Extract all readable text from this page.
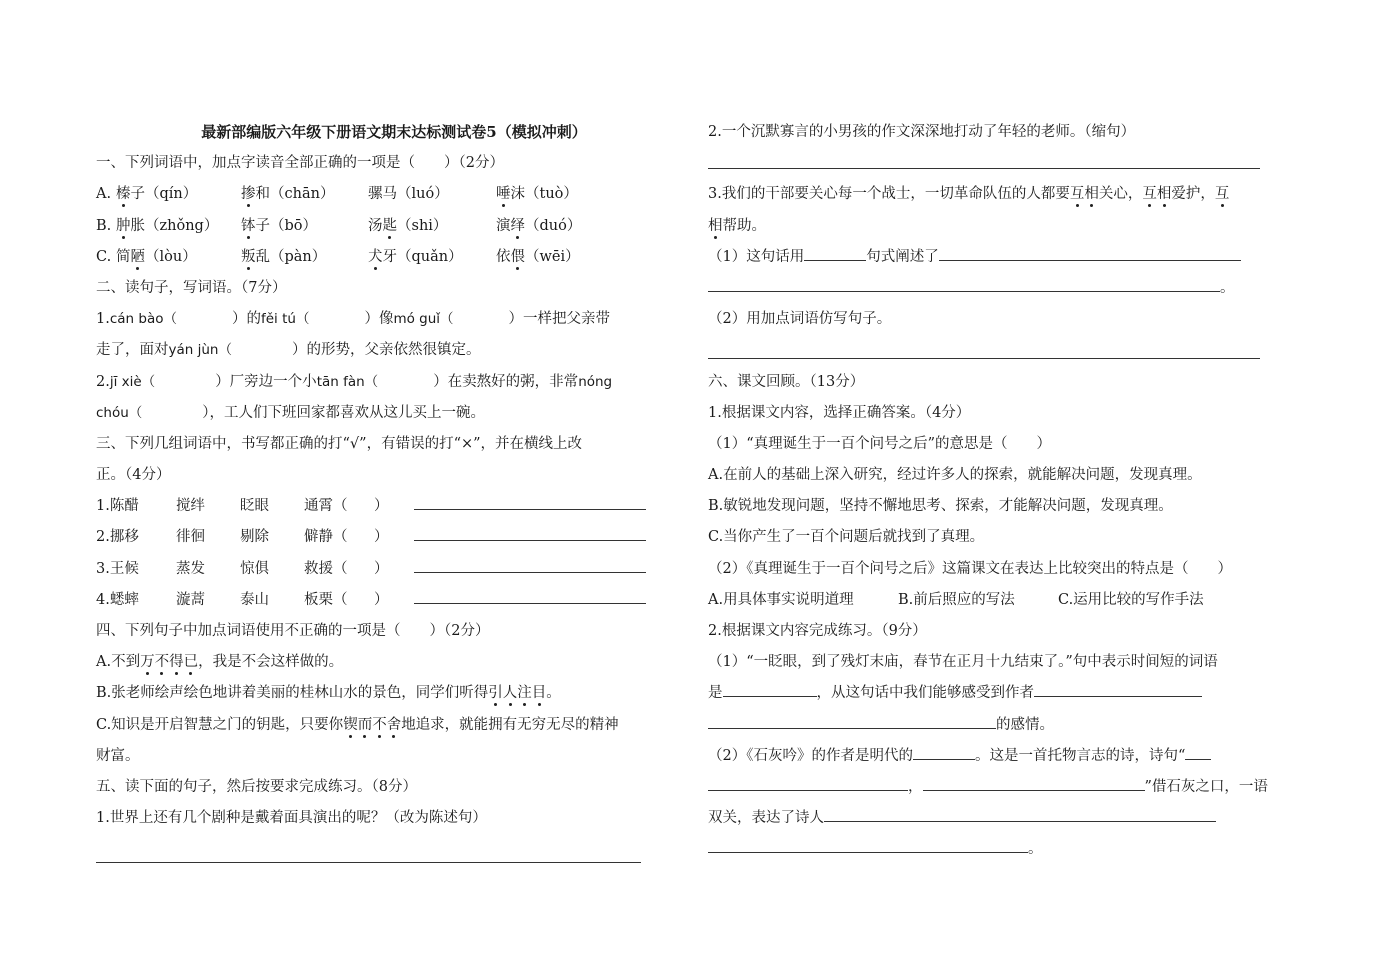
最新部编版六年级下册语文期末达标测试卷5（模拟冲刺）
一、下列词语中，加点字读音全部正确的一项是（　　）（2分）
A. 榛子（qín）	掺和（chān） 骡马（luó）	唾沫（tuò）
B. 肿胀（zhǒng） 钵子（bō）	汤匙（shi）	演绎（duó）
C. 简陋（lòu）	叛乱（pàn）	犬牙（quǎn） 依偎（wēi）
二、读句子，写词语。（7分）
1.cán bào（	）的fěi tú（	）像mó guǐ（	）一样把父亲带
走了，面对yán jùn（	）的形势，父亲依然很镇定。
2.jī xiè（	）厂旁边一个小tān fàn（	）在卖熬好的粥，非常nóng
chóu（	），工人们下班回家都喜欢从这儿买上一碗。
三、下列几组词语中，书写都正确的打“√”，有错误的打“×”，并在横线上改
正。（4分）
1.陈醋	搅绊 眨眼 通霄（ ）
2.挪移	徘徊 剔除 僻静（ ）
3.王候	蒸发 惊俱 救援（ ）
4.蟋蟀	漩蒿 泰山 板栗（ ）
四、下列句子中加点词语使用不正确的一项是（　　）（2分）
A.不到万不得已，我是不会这样做的。
B.张老师绘声绘色地讲着美丽的桂林山水的景色，同学们听得引人注目。
C.知识是开启智慧之门的钥匙，只要你锲而不舍地追求，就能拥有无穷无尽的精神
财富。
五、读下面的句子，然后按要求完成练习。（8分）
1.世界上还有几个剧种是戴着面具演出的呢？（改为陈述句）
2.一个沉默寡言的小男孩的作文深深地打动了年轻的老师。（缩句）
3.我们的干部要关心每一个战士，一切革命队伍的人都要互相关心，互相爱护，互
相帮助。
（1）这句话用	句式阐述了
。
（2）用加点词语仿写句子。
六、课文回顾。（13分）
1.根据课文内容，选择正确答案。（4分）
（1）“真理诞生于一百个问号之后”的意思是（　　）
A.在前人的基础上深入研究，经过许多人的探索，就能解决问题，发现真理。
B.敏锐地发现问题，坚持不懈地思考、探索，才能解决问题，发现真理。
C.当你产生了一百个问题后就找到了真理。
（2）《真理诞生于一百个问号之后》这篇课文在表达上比较突出的特点是（　　）
A.用具体事实说明道理	B.前后照应的写法	C.运用比较的写作手法
2.根据课文内容完成练习。（9分）
（1）“一眨眼，到了残灯末庙，春节在正月十九结束了。”句中表示时间短的词语
是	，从这句话中我们能够感受到作者
的感情。
（2）《石灰吟》的作者是明代的	。这是一首托物言志的诗，诗句“
，	”借石灰之口，一语
双关，表达了诗人
。
